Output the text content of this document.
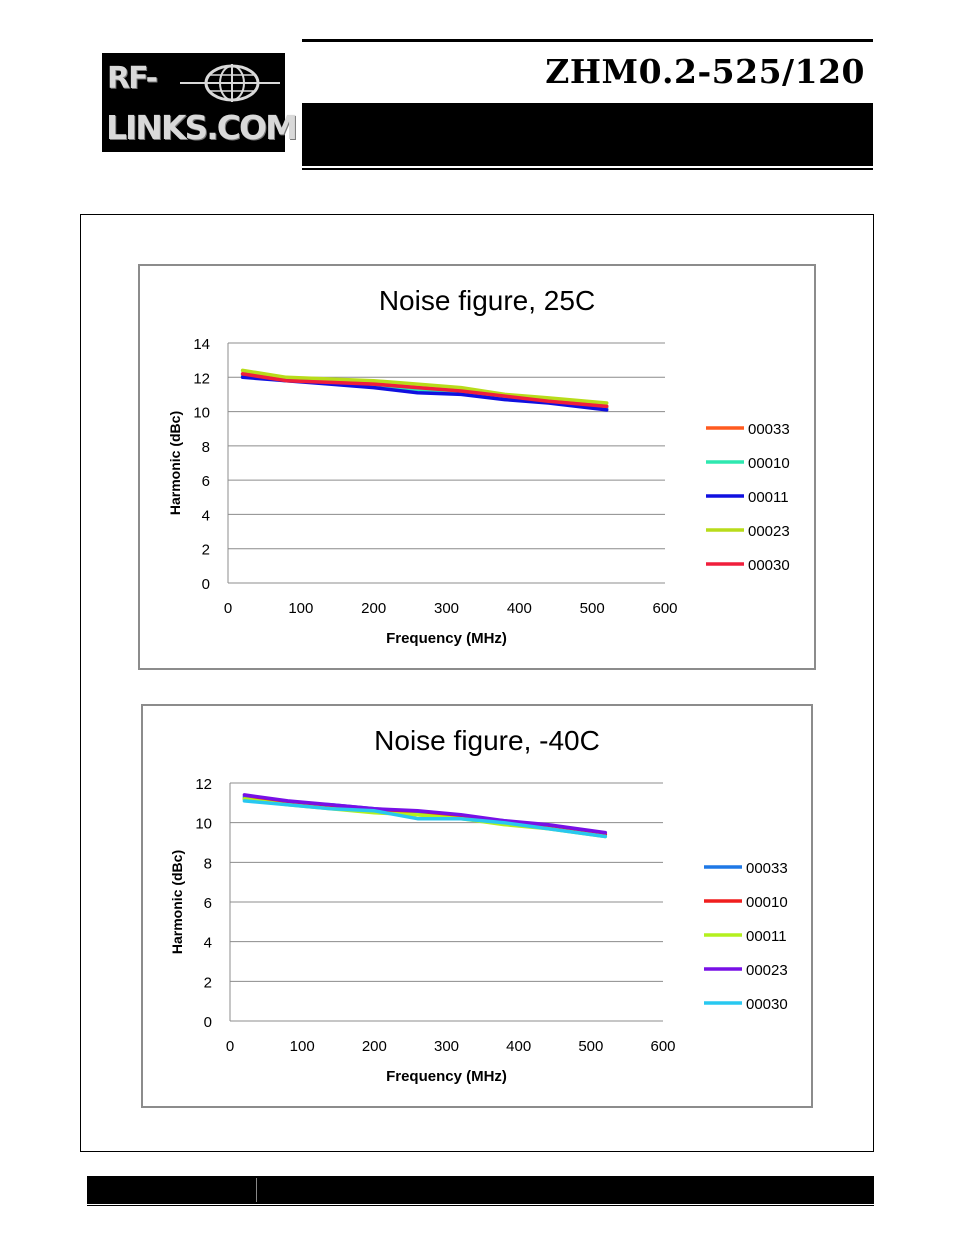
RF-
LINKS.COM
ZHM0.2-525/120
Noise figure, 25C
0
2
4
6
8
10
12
14
0	100	200	300	400	500	600
Frequency (MHz)
Harmonic (dBc)	00033
00010
00011
00023
00030
Noise figure, -40C
0
2
4
6
8
10
12
0	100	200	300	400	500	600
Frequency (MHz)
Harmonic (dBc)	00033
00010
00011
00023
00030
